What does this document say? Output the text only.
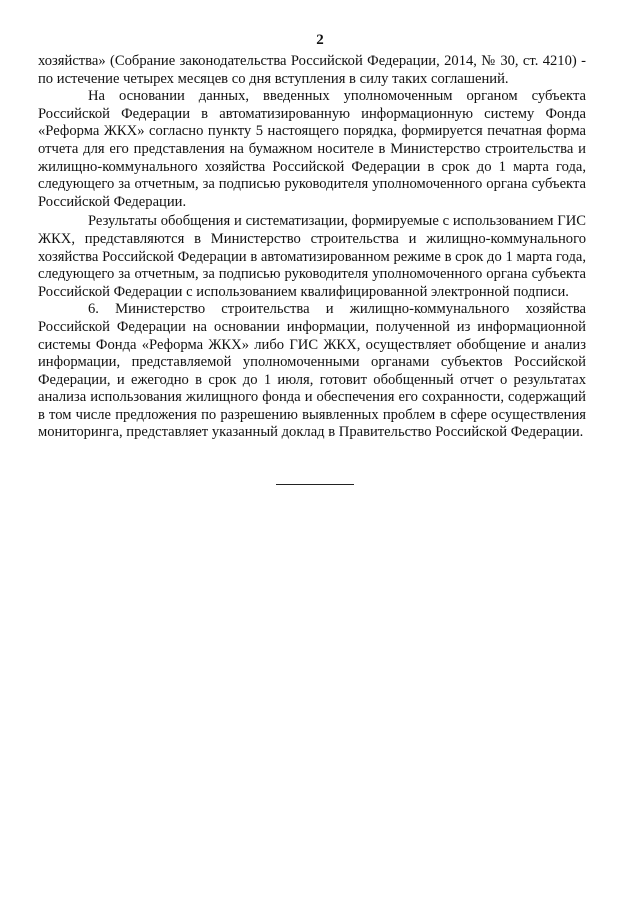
2

хозяйства» (Собрание законодательства Российской Федерации, 2014, № 30, ст. 4210) - по истечение четырех месяцев со дня вступления в силу таких соглашений.

На основании данных, введенных уполномоченным органом субъекта Российской Федерации в автоматизированную информационную систему Фонда «Реформа ЖКХ» согласно пункту 5 настоящего порядка, формируется печатная форма отчета для его представления на бумажном носителе в Министерство строительства и жилищно-коммунального хозяйства Российской Федерации в срок до 1 марта года, следующего за отчетным, за подписью руководителя уполномоченного органа субъекта Российской Федерации.

Результаты обобщения и систематизации, формируемые с использованием ГИС ЖКХ, представляются в Министерство строительства и жилищно-коммунального хозяйства Российской Федерации в автоматизированном режиме в срок до 1 марта года, следующего за отчетным, за подписью руководителя уполномоченного органа субъекта Российской Федерации с использованием квалифицированной электронной подписи.

6. Министерство строительства и жилищно-коммунального хозяйства Российской Федерации на основании информации, полученной из информационной системы Фонда «Реформа ЖКХ» либо ГИС ЖКХ, осуществляет обобщение и анализ информации, представляемой уполномоченными органами субъектов Российской Федерации, и ежегодно в срок до 1 июля, готовит обобщенный отчет о результатах анализа использования жилищного фонда и обеспечения его сохранности, содержащий в том числе предложения по разрешению выявленных проблем в сфере осуществления мониторинга, представляет указанный доклад в Правительство Российской Федерации.
